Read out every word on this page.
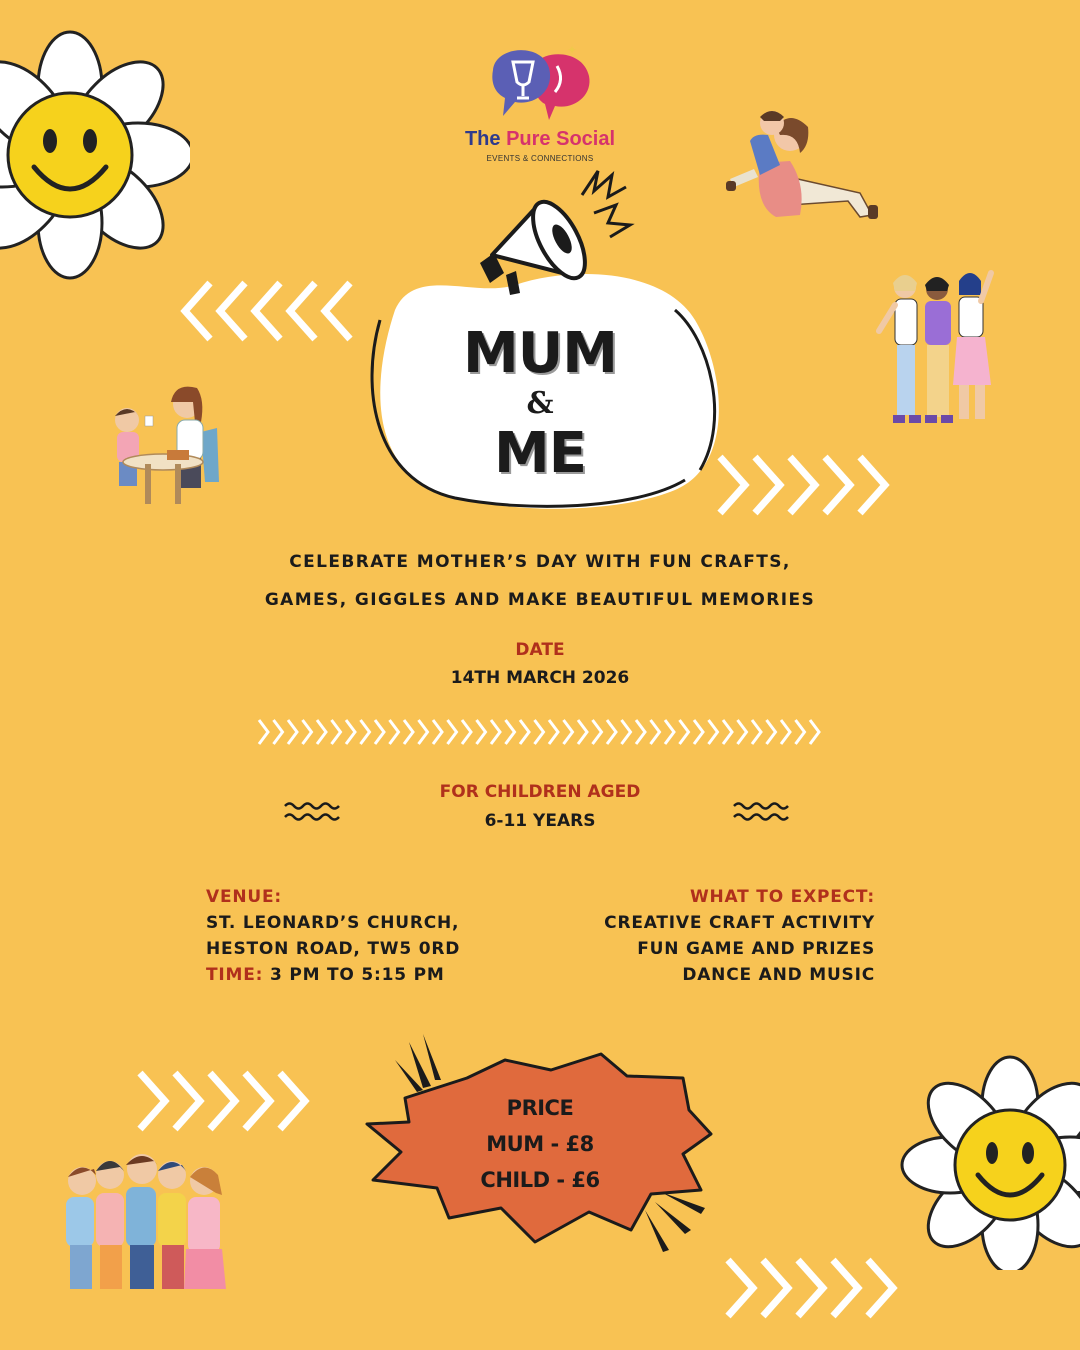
✦
The Pure Social
EVENTS & CONNECTIONS
MUM
&
ME
CELEBRATE MOTHER’S DAY WITH FUN CRAFTS,
GAMES, GIGGLES AND MAKE BEAUTIFUL MEMORIES
DATE
14TH MARCH 2026
FOR CHILDREN AGED
6-11 YEARS
VENUE:
ST. LEONARD’S CHURCH,
HESTON ROAD, TW5 0RD
TIME: 3 PM TO 5:15 PM
WHAT TO EXPECT:
CREATIVE CRAFT ACTIVITY
FUN GAME AND PRIZES
DANCE AND MUSIC
PRICE
MUM - £8
CHILD - £6
